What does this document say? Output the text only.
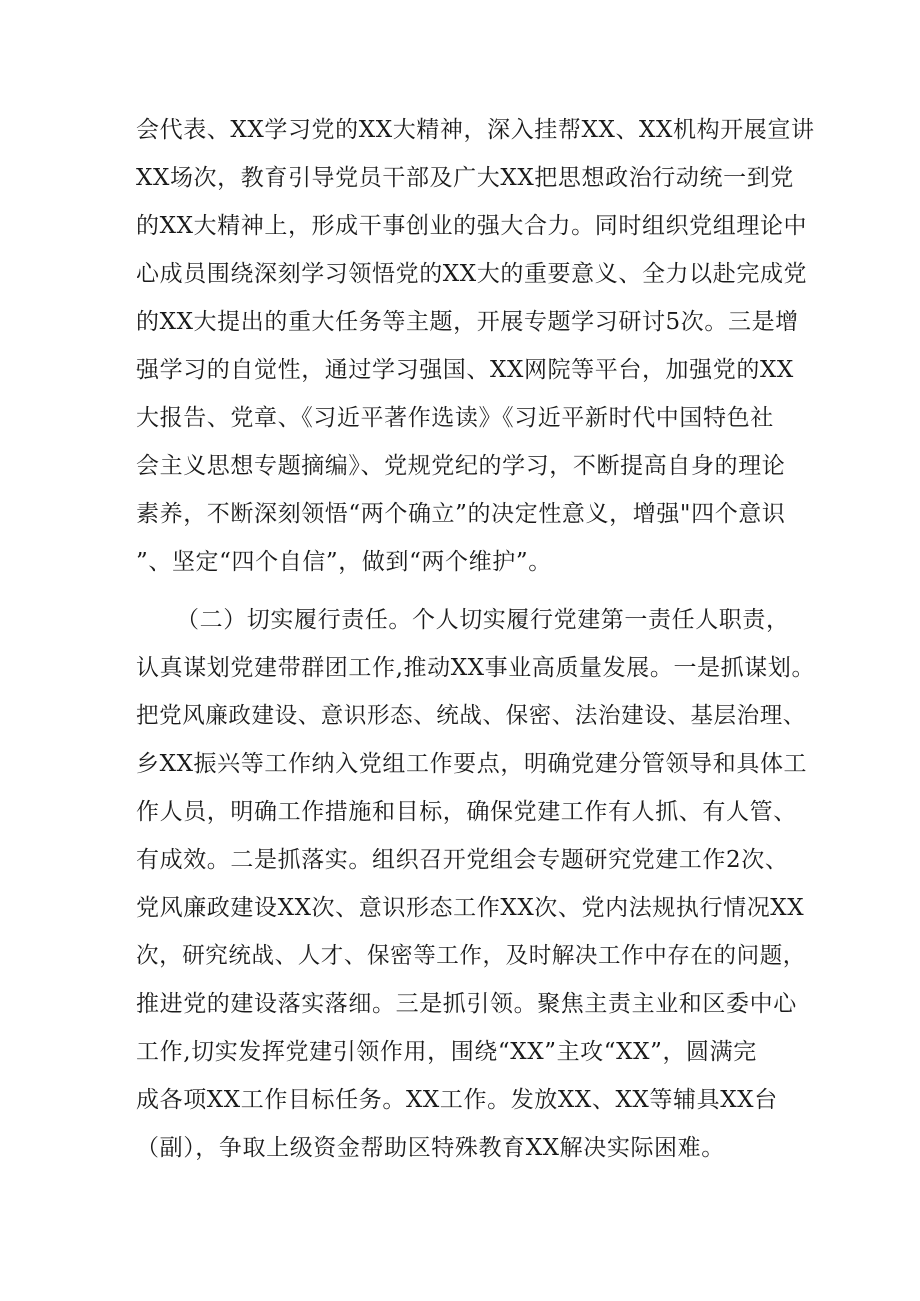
会代表、XX学习党的XX大精神，深入挂帮XX、XX机构开展宣讲
XX场次，教育引导党员干部及广大XX把思想政治行动统一到党
的XX大精神上，形成干事创业的强大合力。同时组织党组理论中
心成员围绕深刻学习领悟党的XX大的重要意义、全力以赴完成党
的XX大提出的重大任务等主题，开展专题学习研讨5次。三是增
强学习的自觉性，通过学习强国、XX网院等平台，加强党的XX
大报告、党章、《习近平著作选读》《习近平新时代中国特色社
会主义思想专题摘编》、党规党纪的学习，不断提高自身的理论
素养，不断深刻领悟“两个确立”的决定性意义，增强"四个意识
”、坚定“四个自信”，做到“两个维护”。
（二）切实履行责任。个人切实履行党建第一责任人职责，
认真谋划党建带群团工作,推动XX事业高质量发展。一是抓谋划。
把党风廉政建设、意识形态、统战、保密、法治建设、基层治理、
乡XX振兴等工作纳入党组工作要点，明确党建分管领导和具体工
作人员，明确工作措施和目标，确保党建工作有人抓、有人管、
有成效。二是抓落实。组织召开党组会专题研究党建工作2次、
党风廉政建设XX次、意识形态工作XX次、党内法规执行情况XX
次，研究统战、人才、保密等工作，及时解决工作中存在的问题，
推进党的建设落实落细。三是抓引领。聚焦主责主业和区委中心
工作,切实发挥党建引领作用，围绕“XX”主攻“XX”，圆满完
成各项XX工作目标任务。XX工作。发放XX、XX等辅具XX台
（副），争取上级资金帮助区特殊教育XX解决实际困难。
